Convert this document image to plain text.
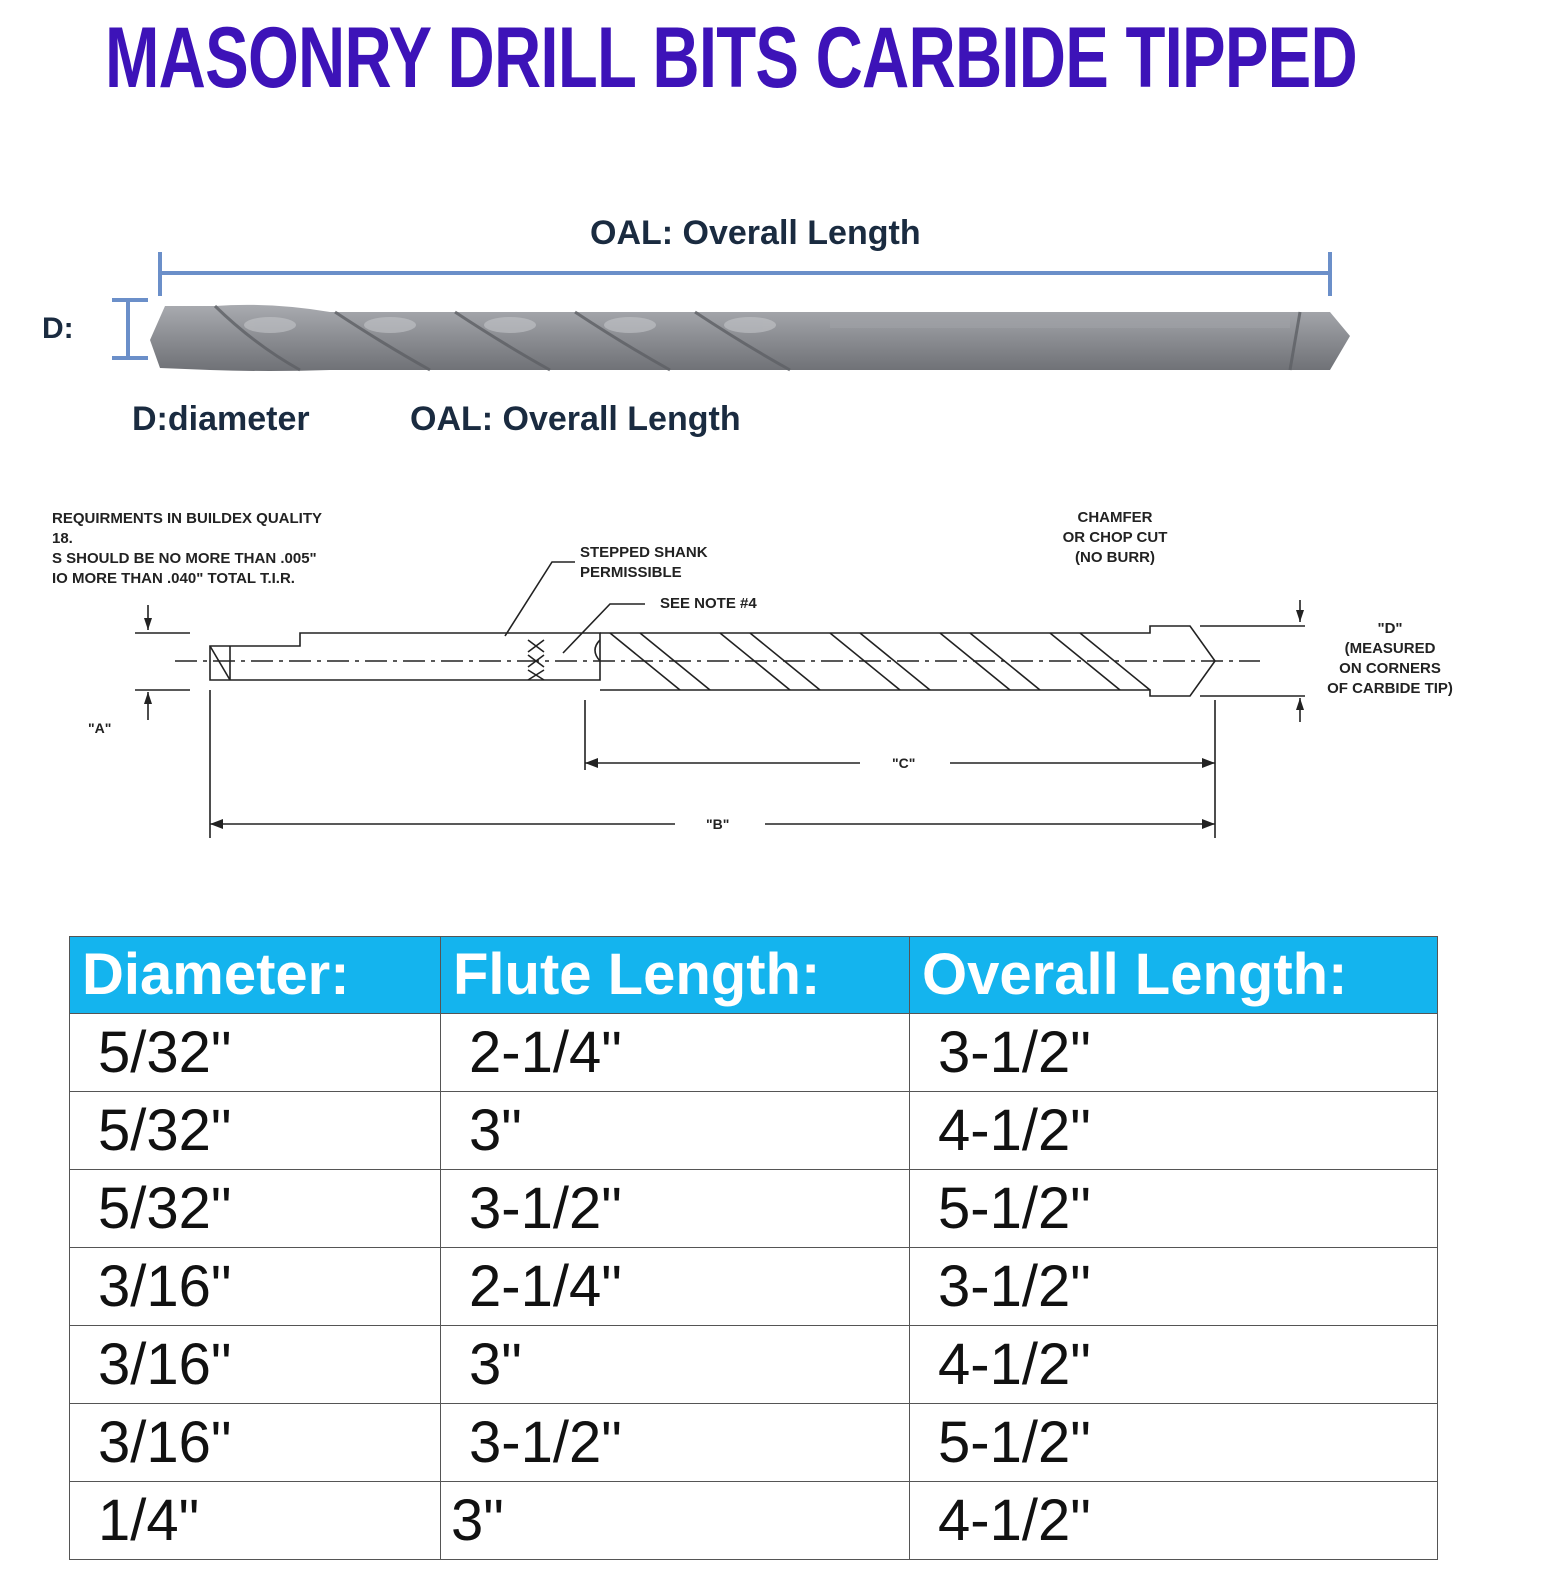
MASONRY DRILL BITS CARBIDE TIPPED
OAL: Overall Length
D:
D:diameter	OAL: Overall Length
REQUIRMENTS IN BUILDEX QUALITY
18.
S SHOULD BE NO MORE THAN .005"
IO MORE THAN .040" TOTAL T.I.R.
STEPPED SHANK
PERMISSIBLE
SEE NOTE #4
CHAMFER
OR CHOP CUT
(NO BURR)
"D"
(MEASURED
ON CORNERS
OF CARBIDE TIP)
"A"
"C"
"B"
Diameter:	Flute Length:	Overall Length:
5/32"	2-1/4"	3-1/2"
5/32"	3"	4-1/2"
5/32"	3-1/2"	5-1/2"
3/16"	2-1/4"	3-1/2"
3/16"	3"	4-1/2"
3/16"	3-1/2"	5-1/2"
1/4"	3"	4-1/2"
